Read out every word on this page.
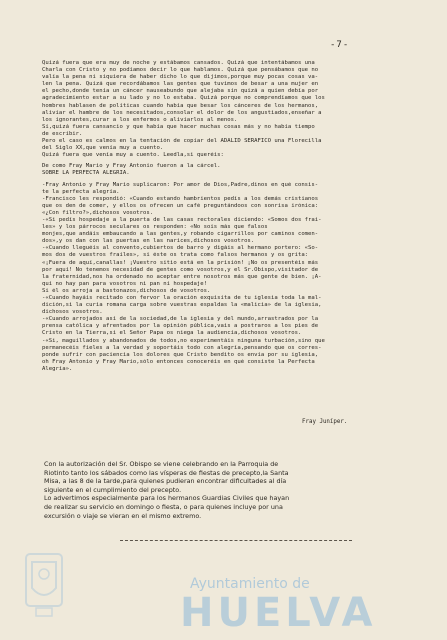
-7-
Quizá fuera que era muy de noche y estábamos cansados. Quizá que intentábamos una
Charla con Cristo y no podíamos decir lo que hablamos. Quizá que pensábamos que no
valía la pena ni siquiera de haber dicho lo que dijimos,porque muy pocas cosas va-
len la pena. Quizá que recordábamos las gentes que tuvimos de besar a una mujer en
el pecho,donde tenía un cáncer nauseabundo que alejaba sin quizá a quien debía por
agradecimiento estar a su lado y no lo estaba. Quizá porque no comprendíamos que los
hombres hablasen de políticas cuando había que besar los cánceres de los hermanos,
aliviar el hambre de los necesitados,consolar el dolor de los angustiados,enseñar a
los ignorantes,curar a los enfermos o aliviarlos al menos.
Sí,quizá fuera cansancio y que había que hacer muchas cosas más y no había tiempo
de escribir.
Pero el caso es calmos en la tentación de copiar del ADALID SERAFICO una Florecilla
del Siglo XX,que venía muy a cuento.
Quizá fuera que venía muy a cuento. Leedla,si queréis:
De como Fray Mario y Fray Antonio fueron a la cárcel.
SOBRE LA PERFECTA ALEGRIA.
-Fray Antonio y Fray Mario suplicaron: Por amor de Dios,Padre,dinos en qué consis-
te la perfecta alegría.
-Francisco les respondió: «Cuando estando hambrientos pedís a los demás cristianos
que os den de comer, y ellos os ofrecen un café preguntándoos con sonrisa irónica:
«¿Con filtro?»,dichosos vosotros.
-«Si pedís hospedaje a la puerta de las casas rectorales diciendo: «Somos dos frai-
les» y los párrocos seculares os responden: «No sois más que falsos
monjes,que andáis embaucando a las gentes,y robando cigarrillos por caminos comen-
dos»,y os dan con las puertas en las narices,dichosos vosotros.
-«Cuando lleguéis al convento,cubiertos de barro y digáis al hermano portero: «So-
mos dos de vuestros frailes», si éste os trata como falsos hermanos y os grita:
«¡Fuera de aquí,canallas! ¡Vuestro sitio está en la prisión! ¡No os presentéis más
por aquí! No tenemos necesidad de gentes como vosotros,y el Sr.Obispo,visitador de
la fraternidad,nos ha ordenado no aceptar entre nosotros más que gente de bien. ¡A-
quí no hay pan para vosotros ni pan ni hospedaje!
Si él os arroja a bastonazos,dichosos de vosotros.
-«Cuando hayáis recitado con fervor la oración exquisita de tu iglesia toda la mal-
dición,si la curia romana carga sobre vuestras espaldas la «malicia» de la iglesia,
dichosos vosotros.
-«Cuando arrojados así de la sociedad,de la iglesia y del mundo,arrastrados por la
prensa católica y afrentados por la opinión pública,vais a postraros a los pies de
Cristo en la Tierra,si el Señor Papa os niega la audiencia,dichosos vosotros.
-«Si, maguillados y abandonados de todos,no experimentáis ninguna turbación,sino que
permanecéis fieles a la verdad y soportáis todo con alegría,pensando que os corres-
ponde sufrir con paciencia los dolores que Cristo bendito os envía por su iglesia,
oh Fray Antonio y Fray Mario,sólo entonces conoceréis en qué consiste la Perfecta
Alegría».
Fray Juníper.
Con la autorización del Sr. Obispo se viene celebrando en la Parroquia de
Riotinto tanto los sábados como las vísperas de fiestas de precepto,la Santa
Misa, a las 8 de la tarde,para quienes pudieran encontrar dificultades al día
siguiente en el cumplimiento del precepto.
Lo advertimos especialmente para los hermanos Guardias Civiles que hayan
de realizar su servicio en domingo o fiesta, o para quienes incluye por una
excursión o viaje se vieran en el mismo extremo.
Ayuntamiento de
HUELVA
